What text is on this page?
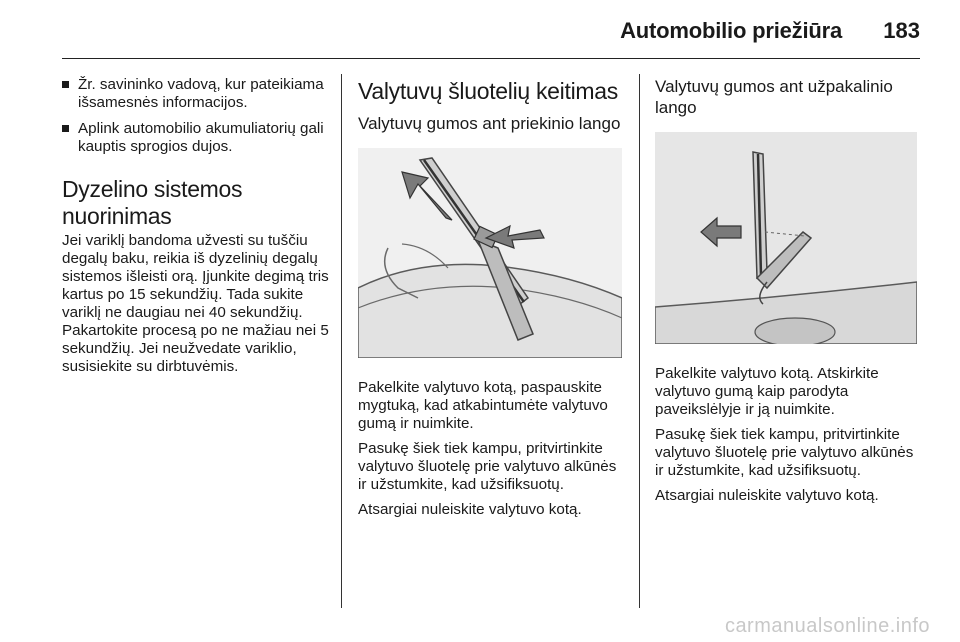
Automobilio priežiūra 183
Žr. savininko vadovą, kur pateikiama išsamesnės informacijos.
Aplink automobilio akumuliatorių gali kauptis sprogios dujos.
Dyzelino sistemos nuorinimas

Jei variklį bandoma užvesti su tuščiu degalų baku, reikia iš dyzelinių degalų sistemos išleisti orą. Įjunkite degimą tris kartus po 15 sekundžių. Tada sukite variklį ne daugiau nei 40 sekundžių. Pakartokite procesą po ne mažiau nei 5 sekundžių. Jei neužvedate variklio, susisiekite su dirbtuvėmis.

Valytuvų šluotelių keitimas
Valytuvų gumos ant priekinio lango

Pakelkite valytuvo kotą, paspauskite mygtuką, kad atkabintumėte valytuvo gumą ir nuimkite.

Pasukę šiek tiek kampu, pritvirtinkite valytuvo šluotelę prie valytuvo alkūnės ir užstumkite, kad užsifiksuotų.

Atsargiai nuleiskite valytuvo kotą.

Valytuvų gumos ant užpakalinio lango

Pakelkite valytuvo kotą. Atskirkite valytuvo gumą kaip parodyta paveikslėlyje ir ją nuimkite.

Pasukę šiek tiek kampu, pritvirtinkite valytuvo šluotelę prie valytuvo alkūnės ir užstumkite, kad užsifiksuotų.

Atsargiai nuleiskite valytuvo kotą.

carmanualsonline.info
